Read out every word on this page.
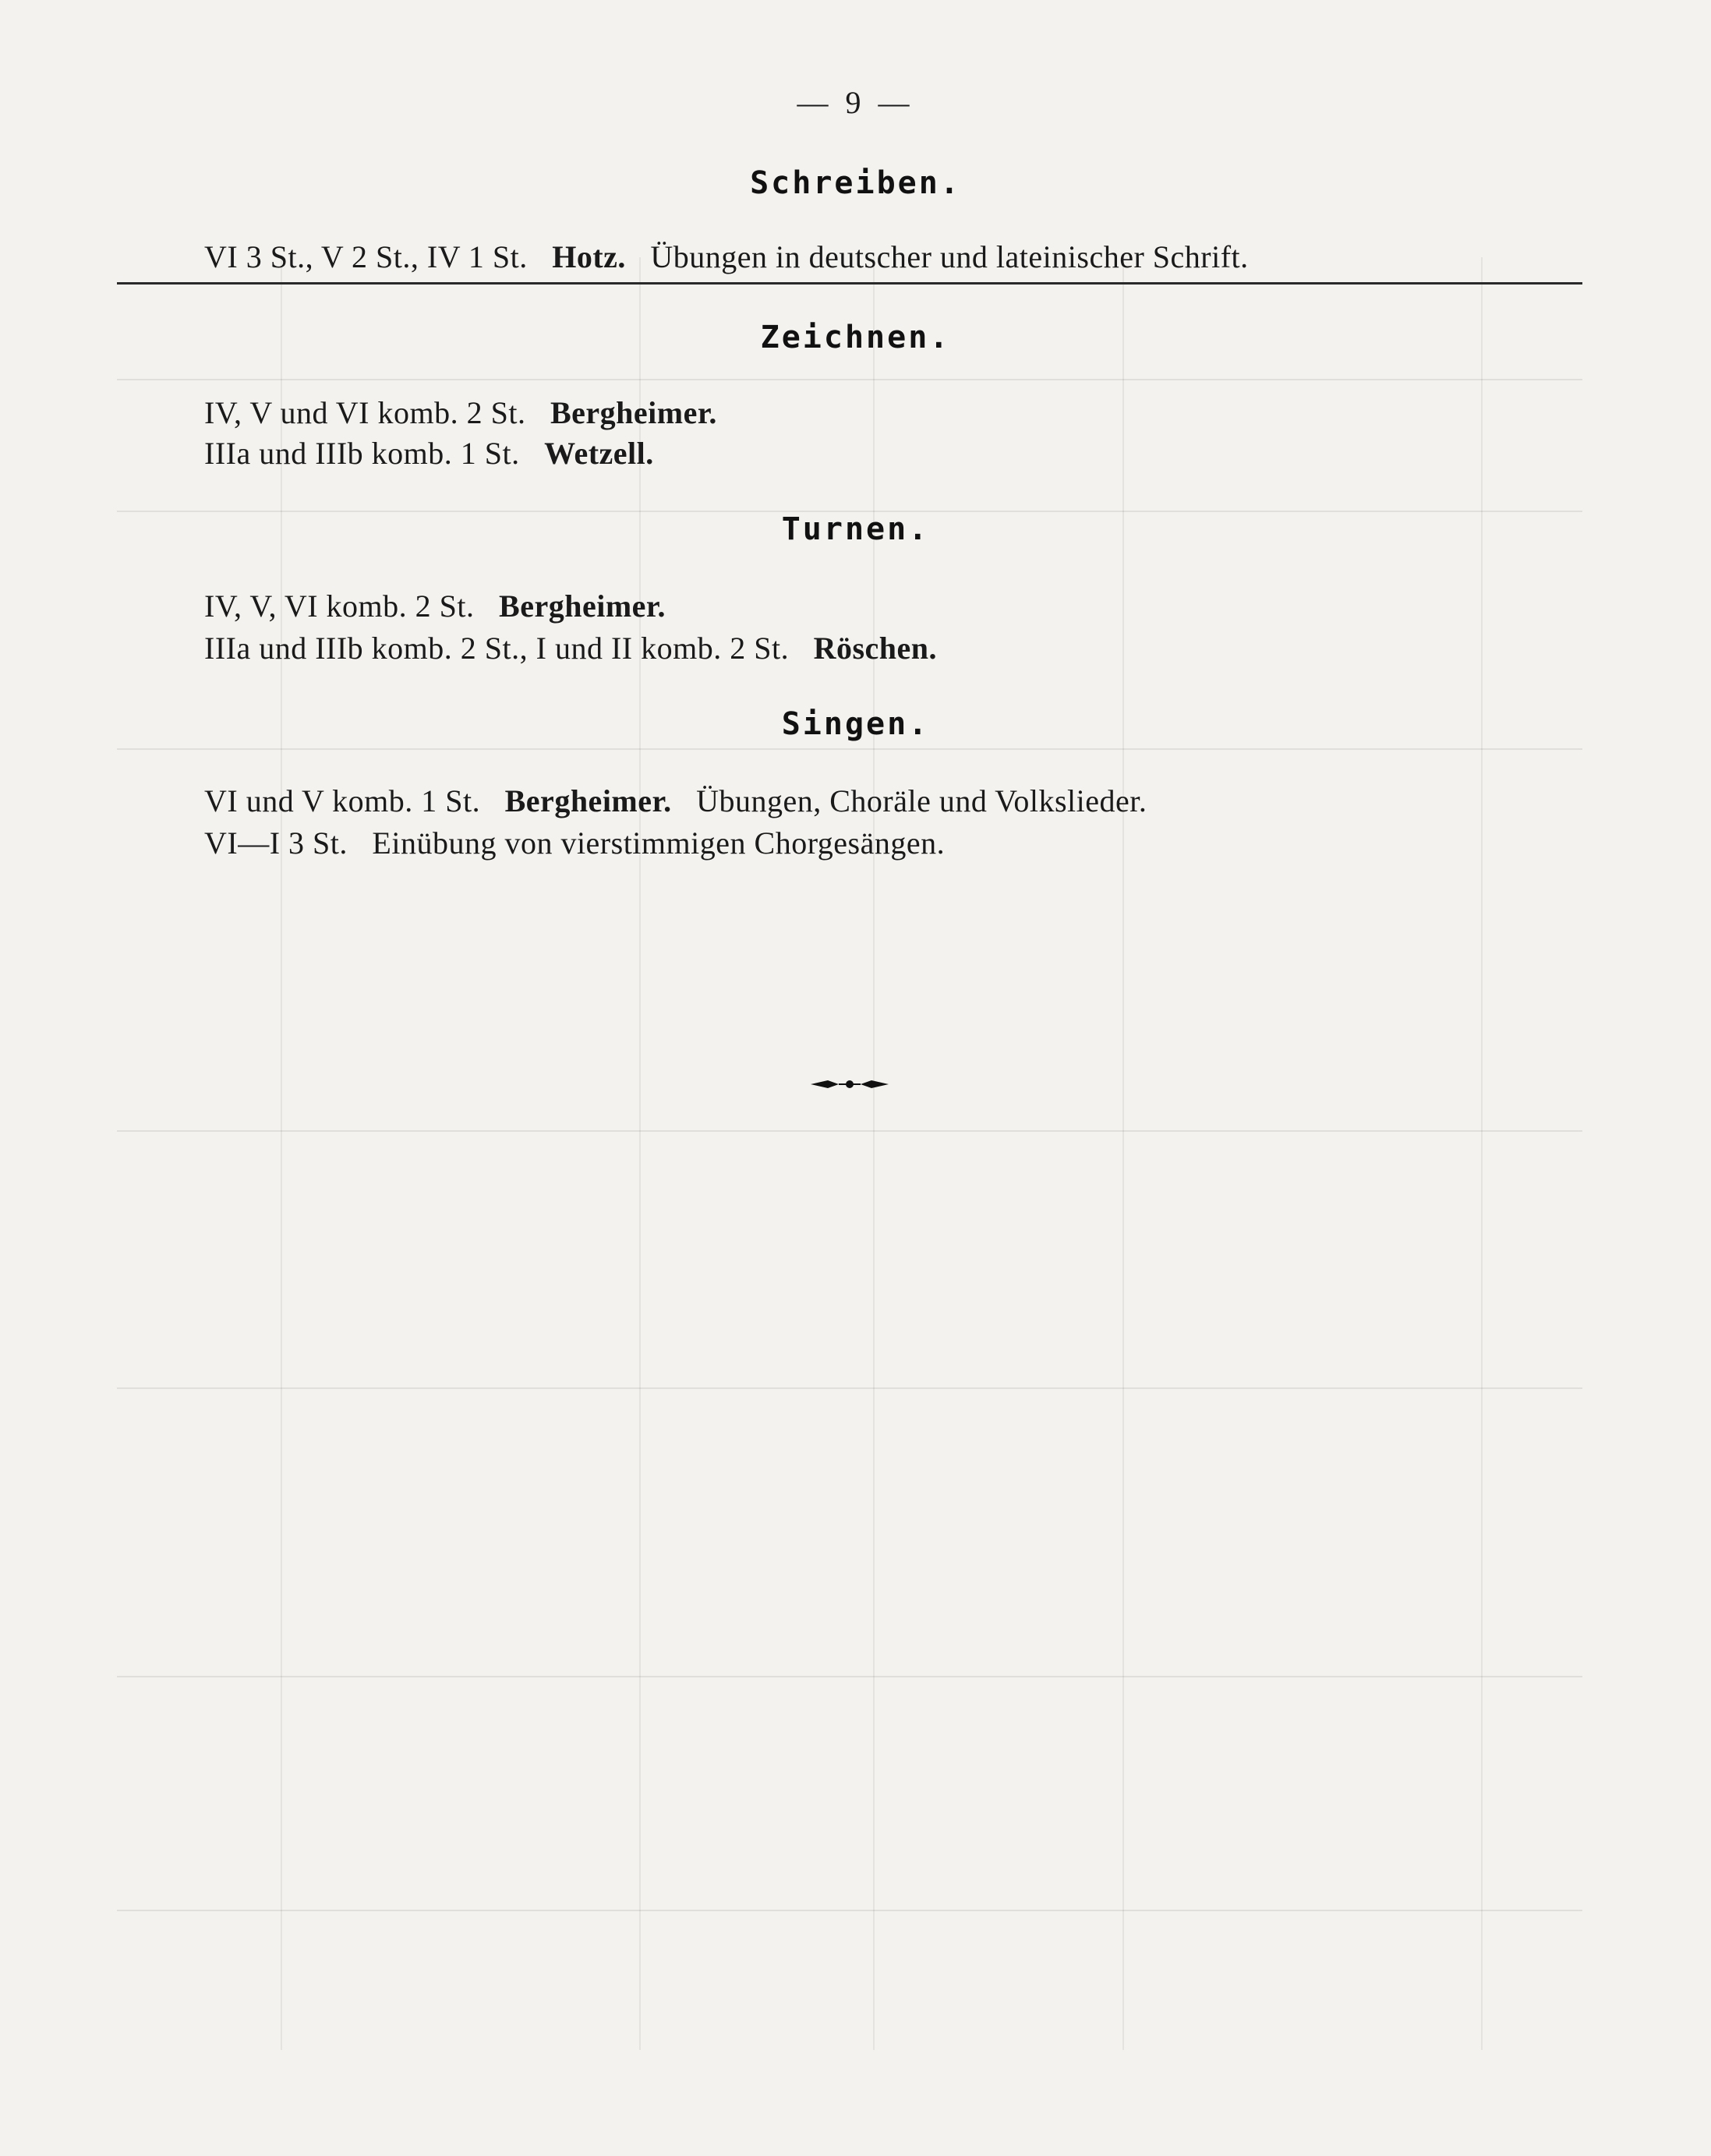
— 9 —
Schreiben.
VI 3 St., V 2 St., IV 1 St. Hotz. Übungen in deutscher und lateinischer Schrift.
Zeichnen.
IV, V und VI komb. 2 St. Bergheimer.
IIIa und IIIb komb. 1 St. Wetzell.
Turnen.
IV, V, VI komb. 2 St. Bergheimer.
IIIa und IIIb komb. 2 St., I und II komb. 2 St. Röschen.
Singen.
VI und V komb. 1 St. Bergheimer. Übungen, Choräle und Volkslieder.
VI—I 3 St. Einübung von vierstimmigen Chorgesängen.
